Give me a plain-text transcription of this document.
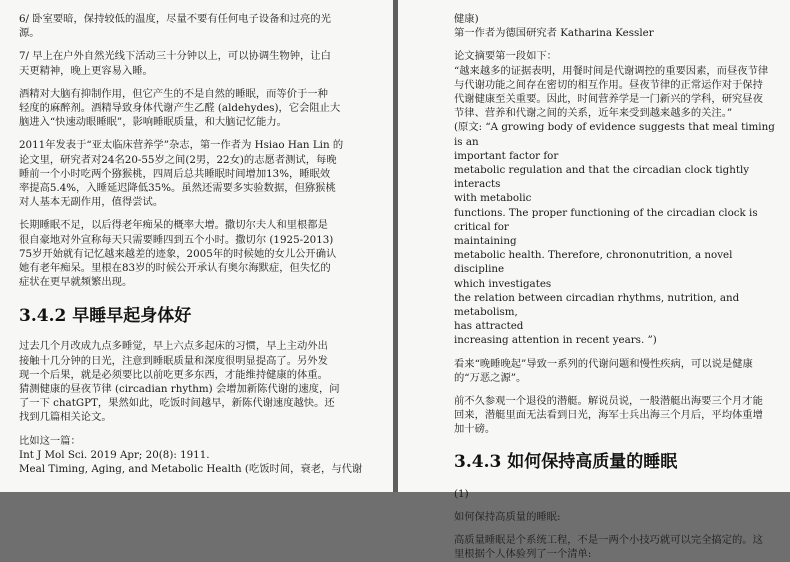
6/ 卧室要暗，保持较低的温度，尽量不要有任何电子设备和过亮的光
源。

7/ 早上在户外自然光线下活动三十分钟以上，可以协调生物钟，让白
天更精神，晚上更容易入睡。

酒精对大脑有抑制作用，但它产生的不是自然的睡眠，而等价于一种
轻度的麻醉剂。酒精导致身体代谢产生乙醛 (aldehydes)，它会阻止大
脑进入“快速动眼睡眠”，影响睡眠质量，和大脑记忆能力。

2011年发表于“亚太临床营养学”杂志，第一作者为 Hsiao Han Lin 的
论文里，研究者对24名20-55岁之间(2男，22女)的志愿者测试，每晚
睡前一个小时吃两个猕猴桃，四周后总共睡眠时间增加13%，睡眠效
率提高5.4%，入睡延迟降低35%。虽然还需要多实验数据，但猕猴桃
对人基本无副作用，值得尝试。

长期睡眠不足，以后得老年痴呆的概率大增。撒切尔夫人和里根都是
很自豪地对外宣称每天只需要睡四到五个小时。撒切尔 (1925-2013)
75岁开始就有记忆越来越差的迹象，2005年的时候她的女儿公开确认
她有老年痴呆。里根在83岁的时候公开承认有奥尔海默症，但失忆的
症状在更早就频繁出现。

3.4.2 早睡早起身体好

过去几个月改成九点多睡觉，早上六点多起床的习惯，早上主动外出
接触十几分钟的日光，注意到睡眠质量和深度很明显提高了。另外发
现一个后果，就是必须要比以前吃更多东西，才能维持健康的体重。
猜测健康的昼夜节律 (circadian rhythm) 会增加新陈代谢的速度，问
了一下 chatGPT，果然如此，吃饭时间越早，新陈代谢速度越快。还
找到几篇相关论文。

比如这一篇：
Int J Mol Sci. 2019 Apr; 20(8): 1911.
Meal Timing, Aging, and Metabolic Health (吃饭时间，衰老，与代谢

健康)
第一作者为德国研究者 Katharina Kessler

论文摘要第一段如下：
“越来越多的证据表明，用餐时间是代谢调控的重要因素，而昼夜节律
与代谢功能之间存在密切的相互作用。昼夜节律的正常运作对于保持
代谢健康至关重要。因此，时间营养学是一门新兴的学科，研究昼夜
节律、营养和代谢之间的关系，近年来受到越来越多的关注。”
(原文: “A growing body of evidence suggests that meal timing is an
important factor for
metabolic regulation and that the circadian clock tightly interacts
with metabolic
functions. The proper functioning of the circadian clock is critical for
maintaining
metabolic health. Therefore, chrononutrition, a novel discipline
which investigates
the relation between circadian rhythms, nutrition, and metabolism,
has attracted
increasing attention in recent years. ”)

看来“晚睡晚起”导致一系列的代谢问题和慢性疾病，可以说是健康
的“万恶之源”。

前不久参观一个退役的潜艇。解说员说，一般潜艇出海要三个月才能
回来，潜艇里面无法看到日光，海军士兵出海三个月后，平均体重增
加十磅。

3.4.3 如何保持高质量的睡眠

(1)

如何保持高质量的睡眠:

高质量睡眠是个系统工程，不是一两个小技巧就可以完全搞定的。这
里根据个人体验列了一个清单:
